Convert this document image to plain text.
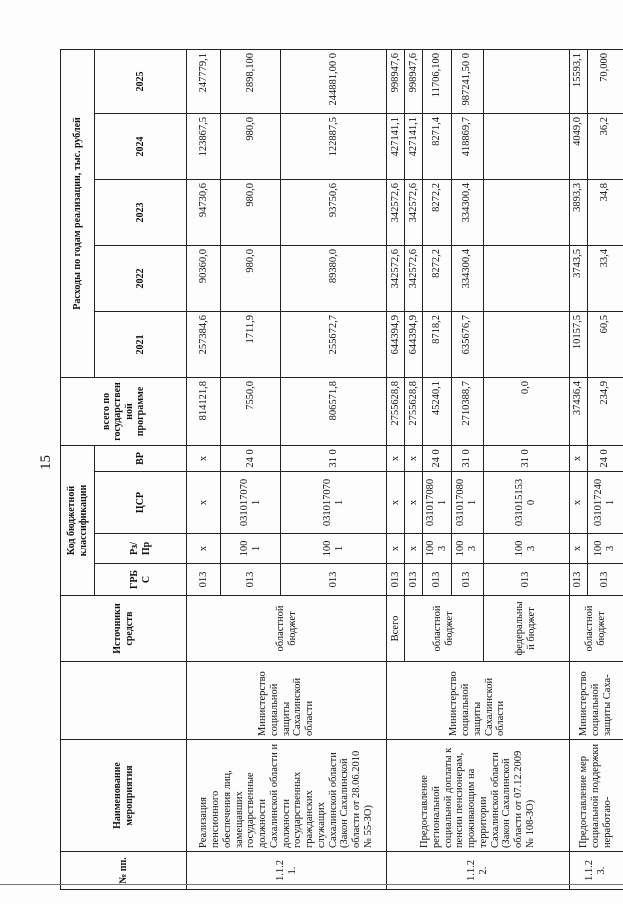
15
№ пп.	Наименование мероприятия		Источники средств	Код бюджетной классификации				всего по государственной программе	Расходы по годам реализации, тыс. рублей				
				ГРБС	Рз/ Пр	ЦСР	ВР		2021	2022	2023	2024	2025
1.1.2 1.	Реализация пенсионного обеспечения лиц, замещавших государственные должности Сахалинской области и должности государственных гражданских служащих Сахалинской области (Закон Сахалинской области от 28.06.2010 № 55-ЗО)	Министерство социальной защиты Сахалинской области	областной бюджет	013	х	х	х	814121,8	257384,6	90360,0	94730,6	123867,5	247779,1
				013	100 1	031017070 1	24 0	7550,0	1711,9	980,0	980,0	980,0	2898,100
				013	100 1	031017070 1	31 0	806571,8	255672,7	89380,0	93750,6	122887,5	244881,00 0
1.1.2 2.	Предоставление региональной социальной доплаты к пенсии пенсионерам, проживающим на территории Сахалинской области (Закон Сахалинской области от 07.12.2009 № 108-ЗО)	Министерство социальной защиты Сахалинской области	Всего	013	х	х	х	2755628,8	644394,9	342572,6	342572,6	427141,1	998947,6
			областной бюджет	013	х	х	х	2755628,8	644394,9	342572,6	342572,6	427141,1	998947,6
				013	100 3	031017080 1	24 0	45240,1	8718,2	8272,2	8272,2	8271,4	11706,100
				013	100 3	031017080 1	31 0	2710388,7	635676,7	334300,4	334300,4	418869,7	987241,50 0
			федеральный бюджет	013	100 3	031015153 0	31 0	0,0					
1.1.2 3.	Предоставление мер социальной поддержки неработаю-	Министерство социальной защиты Саха-	областной бюджет	013	х	х	х	37436,4	10157,5	3743,5	3893,3	4049,0	15593,1
				013	100 3	031017240 1	24 0	234,9	60,5	33,4	34,8	36,2	70,000
